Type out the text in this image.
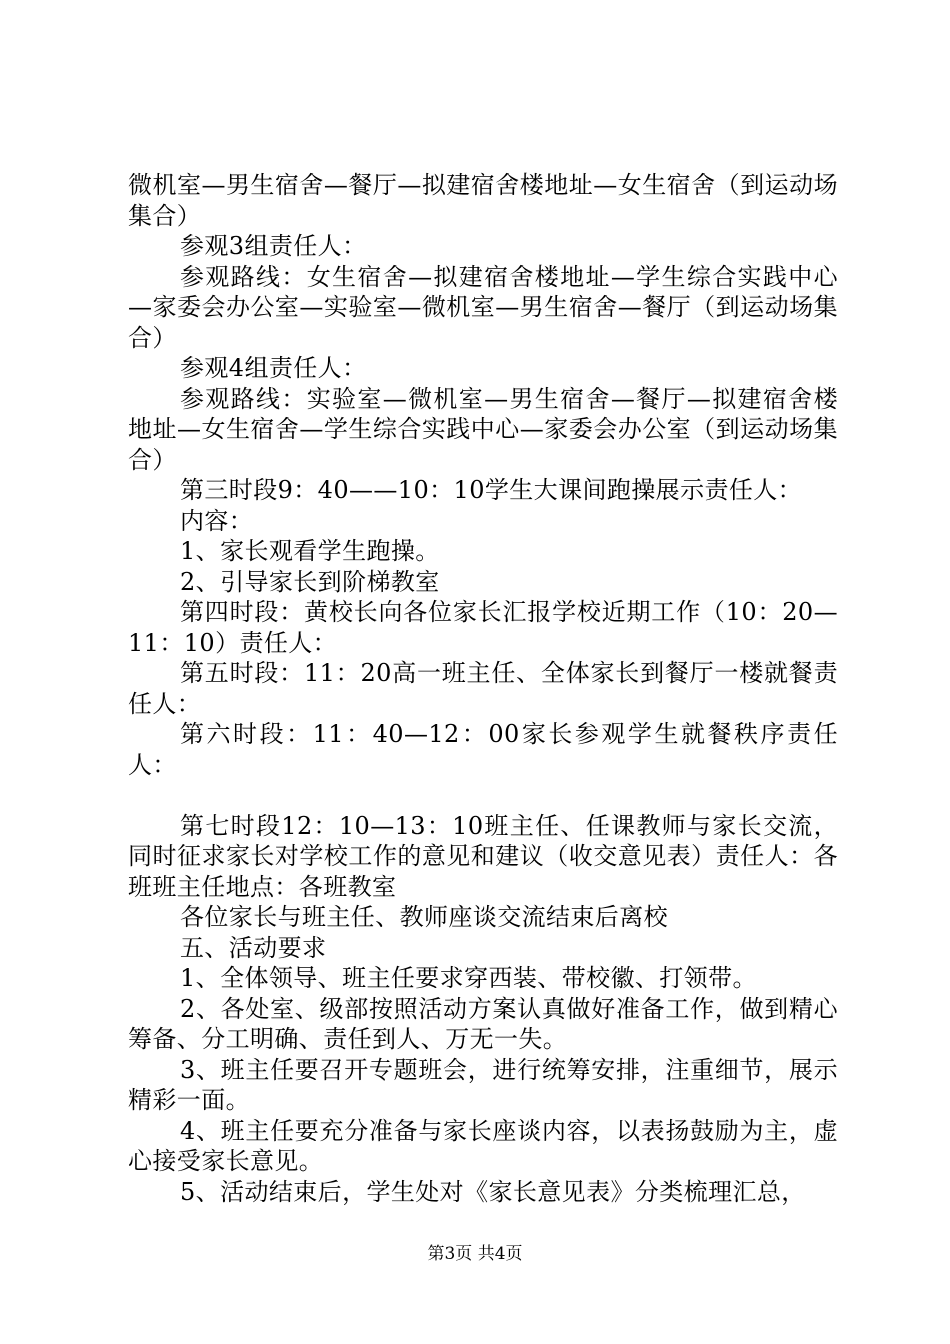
微机室—男生宿舍—餐厅—拟建宿舍楼地址—女生宿舍（到运动场集合）

参观3组责任人：

参观路线：女生宿舍—拟建宿舍楼地址—学生综合实践中心—家委会办公室—实验室—微机室—男生宿舍—餐厅（到运动场集合）

参观4组责任人：

参观路线：实验室—微机室—男生宿舍—餐厅—拟建宿舍楼地址—女生宿舍—学生综合实践中心—家委会办公室（到运动场集合）

第三时段9：40——10：10学生大课间跑操展示责任人：

内容：

1、家长观看学生跑操。

2、引导家长到阶梯教室

第四时段：黄校长向各位家长汇报学校近期工作（10：20—11：10）责任人：

第五时段：11：20高一班主任、全体家长到餐厅一楼就餐责任人：

第六时段：11：40—12：00家长参观学生就餐秩序责任人：

第七时段12：10—13：10班主任、任课教师与家长交流，同时征求家长对学校工作的意见和建议（收交意见表）责任人：各班班主任地点：各班教室

各位家长与班主任、教师座谈交流结束后离校

五、活动要求

1、全体领导、班主任要求穿西装、带校徽、打领带。

2、各处室、级部按照活动方案认真做好准备工作，做到精心筹备、分工明确、责任到人、万无一失。

3、班主任要召开专题班会，进行统筹安排，注重细节，展示精彩一面。

4、班主任要充分准备与家长座谈内容，以表扬鼓励为主，虚心接受家长意见。

5、活动结束后，学生处对《家长意见表》分类梳理汇总，

第3页 共4页
